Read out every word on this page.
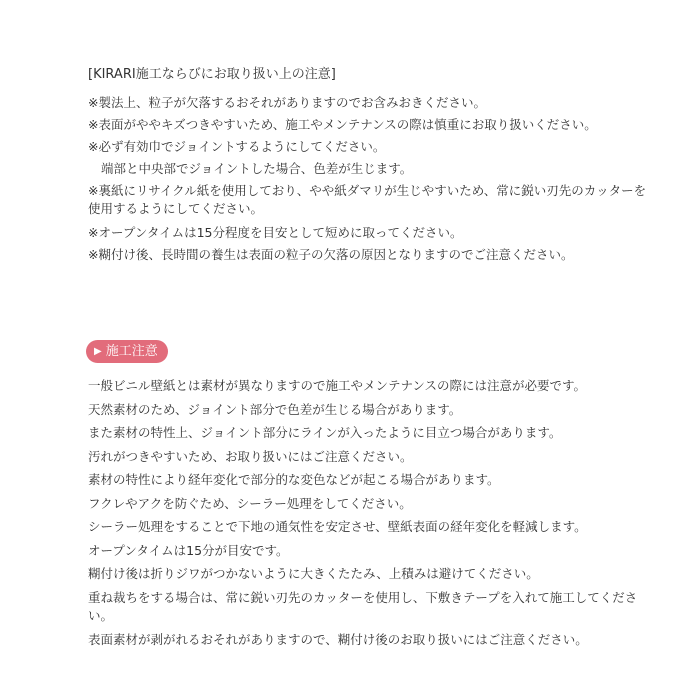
[KIRARI施工ならびにお取り扱い上の注意]

※製法上、粒子が欠落するおそれがありますのでお含みおきください。

※表面がややキズつきやすいため、施工やメンテナンスの際は慎重にお取り扱いください。

※必ず有効巾でジョイントするようにしてください。

端部と中央部でジョイントした場合、色差が生じます。

※裏紙にリサイクル紙を使用しており、やや紙ダマリが生じやすいため、常に鋭い刃先のカッターを使用するようにしてください。

※オープンタイムは15分程度を目安として短めに取ってください。

※糊付け後、長時間の養生は表面の粒子の欠落の原因となりますのでご注意ください。

▶ 施工注意

一般ビニル壁紙とは素材が異なりますので施工やメンテナンスの際には注意が必要です。

天然素材のため、ジョイント部分で色差が生じる場合があります。

また素材の特性上、ジョイント部分にラインが入ったように目立つ場合があります。

汚れがつきやすいため、お取り扱いにはご注意ください。

素材の特性により経年変化で部分的な変色などが起こる場合があります。

フクレやアクを防ぐため、シーラー処理をしてください。

シーラー処理をすることで下地の通気性を安定させ、壁紙表面の経年変化を軽減します。

オープンタイムは15分が目安です。

糊付け後は折りジワがつかないように大きくたたみ、上積みは避けてください。

重ね裁ちをする場合は、常に鋭い刃先のカッターを使用し、下敷きテープを入れて施工してください。

表面素材が剥がれるおそれがありますので、糊付け後のお取り扱いにはご注意ください。
